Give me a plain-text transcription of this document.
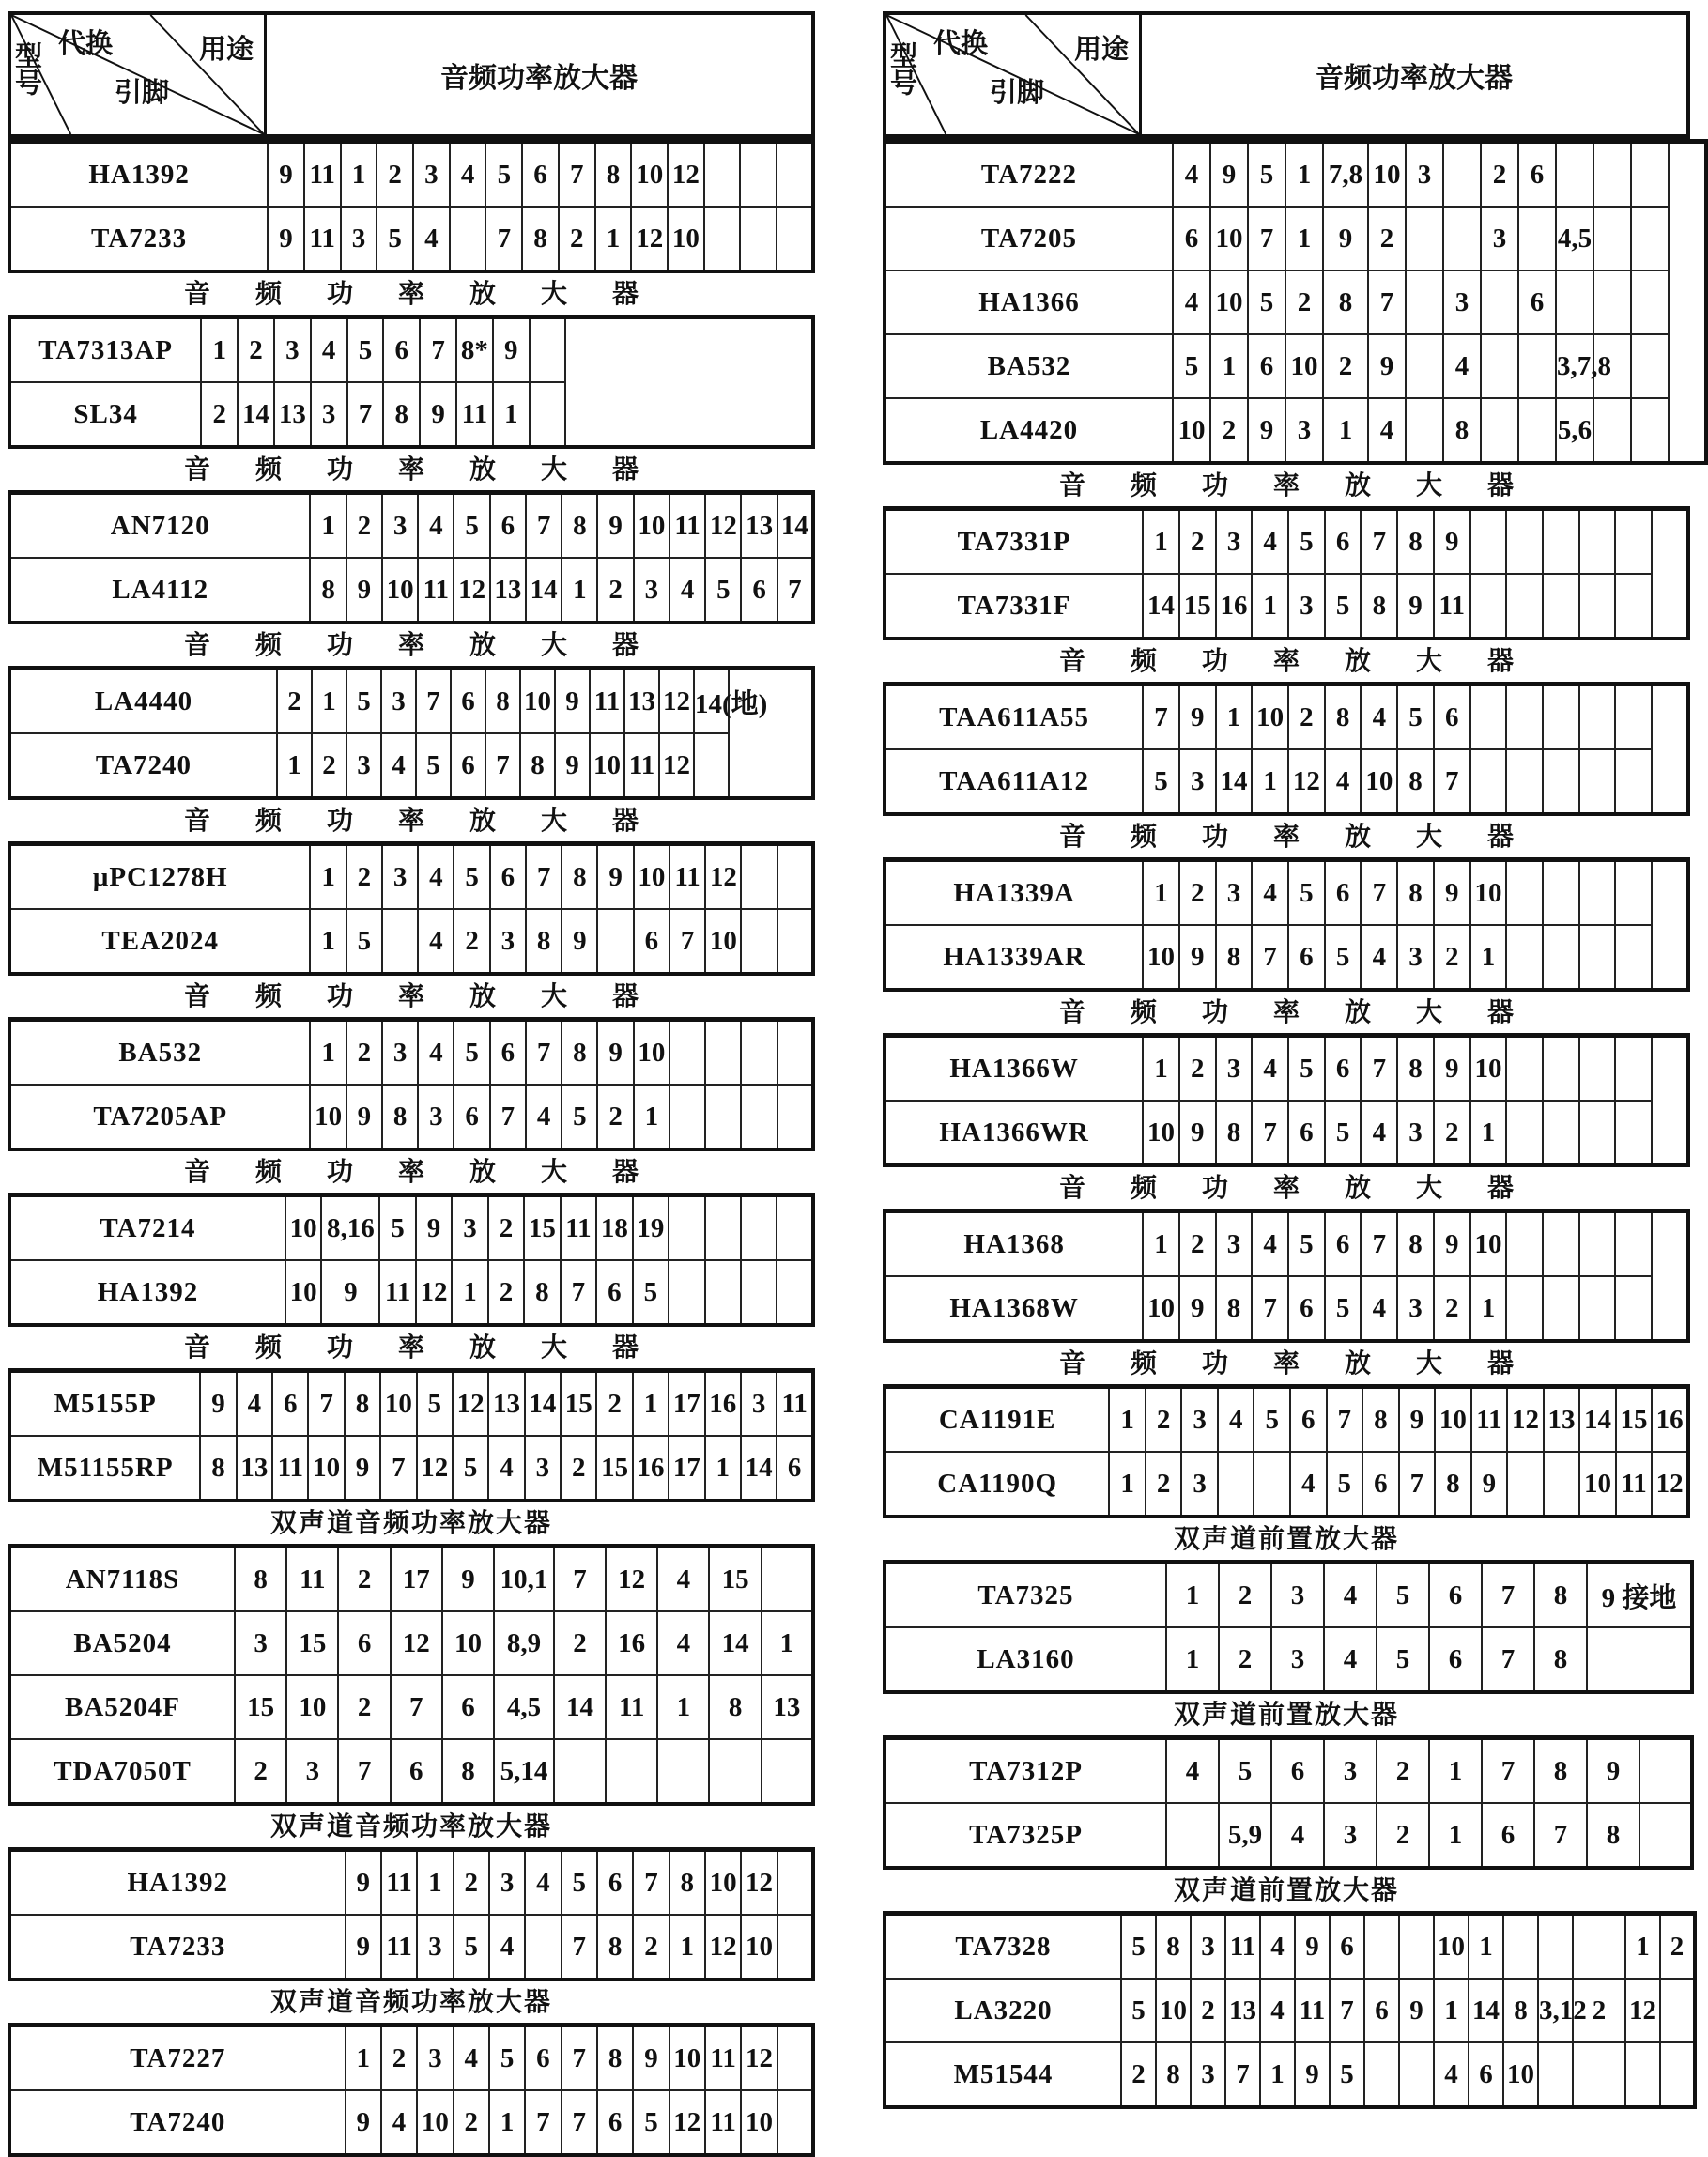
型号 代换
引脚
用途
音频功率放大器
HA1392	9	11	1	2	3	4	5	6	7	8	10	12			
TA7233	9	11	3	5	4		7	8	2	1	12	10			
音频功率放大器
TA7313AP	1	2	3	4	5	6	7	8*	9	
SL34	2	14	13	3	7	8	9	11	1	
音频功率放大器
AN7120	1	2	3	4	5	6	7	8	9	10	11	12	13	14
LA4112	8	9	10	11	12	13	14	1	2	3	4	5	6	7
音频功率放大器
LA4440	2	1	5	3	7	6	8	10	9	11	13	12	14(地)
TA7240	1	2	3	4	5	6	7	8	9	10	11	12	
音频功率放大器
μPC1278H	1	2	3	4	5	6	7	8	9	10	11	12		
TEA2024	1	5		4	2	3	8	9		6	7	10		
音频功率放大器
BA532	1	2	3	4	5	6	7	8	9	10				
TA7205AP	10	9	8	3	6	7	4	5	2	1				
音频功率放大器
TA7214	10	8,16	5	9	3	2	15	11	18	19				
HA1392	10	9	11	12	1	2	8	7	6	5				
音频功率放大器
M5155P	9	4	6	7	8	10	5	12	13	14	15	2	1	17	16	3	11
M51155RP	8	13	11	10	9	7	12	5	4	3	2	15	16	17	1	14	6
双声道音频功率放大器
AN7118S	8	11	2	17	9	10,1	7	12	4	15	
BA5204	3	15	6	12	10	8,9	2	16	4	14	1
BA5204F	15	10	2	7	6	4,5	14	11	1	8	13
TDA7050T	2	3	7	6	8	5,14					
双声道音频功率放大器
HA1392	9	11	1	2	3	4	5	6	7	8	10	12	
TA7233	9	11	3	5	4		7	8	2	1	12	10	
双声道音频功率放大器
TA7227	1	2	3	4	5	6	7	8	9	10	11	12	
TA7240	9	4	10	2	1	7	7	6	5	12	11	10	
型号 代换
引脚
用途
音频功率放大器
TA7222	4	9	5	1	7,8	10	3		2	6			
TA7205	6	10	7	1	9	2			3		4,5		
HA1366	4	10	5	2	8	7		3		6			
BA532	5	1	6	10	2	9		4			3,7,8		
LA4420	10	2	9	3	1	4		8			5,6		
音频功率放大器
TA7331P	1	2	3	4	5	6	7	8	9					
TA7331F	14	15	16	1	3	5	8	9	11					
音频功率放大器
TAA611A55	7	9	1	10	2	8	4	5	6					
TAA611A12	5	3	14	1	12	4	10	8	7					
音频功率放大器
HA1339A	1	2	3	4	5	6	7	8	9	10				
HA1339AR	10	9	8	7	6	5	4	3	2	1				
音频功率放大器
HA1366W	1	2	3	4	5	6	7	8	9	10				
HA1366WR	10	9	8	7	6	5	4	3	2	1				
音频功率放大器
HA1368	1	2	3	4	5	6	7	8	9	10				
HA1368W	10	9	8	7	6	5	4	3	2	1				
音频功率放大器
CA1191E	1	2	3	4	5	6	7	8	9	10	11	12	13	14	15	16
CA1190Q	1	2	3			4	5	6	7	8	9			10	11	12
双声道前置放大器
TA7325	1	2	3	4	5	6	7	8	9 接地
LA3160	1	2	3	4	5	6	7	8	
双声道前置放大器
TA7312P	4	5	6	3	2	1	7	8	9	
TA7325P		5,9	4	3	2	1	6	7	8	
双声道前置放大器
TA7328	5	8	3	11	4	9	6			10	1				1	2
LA3220	5	10	2	13	4	11	7	6	9	1	14	8	3,12	2	12	
M51544	2	8	3	7	1	9	5			4	6	10				
